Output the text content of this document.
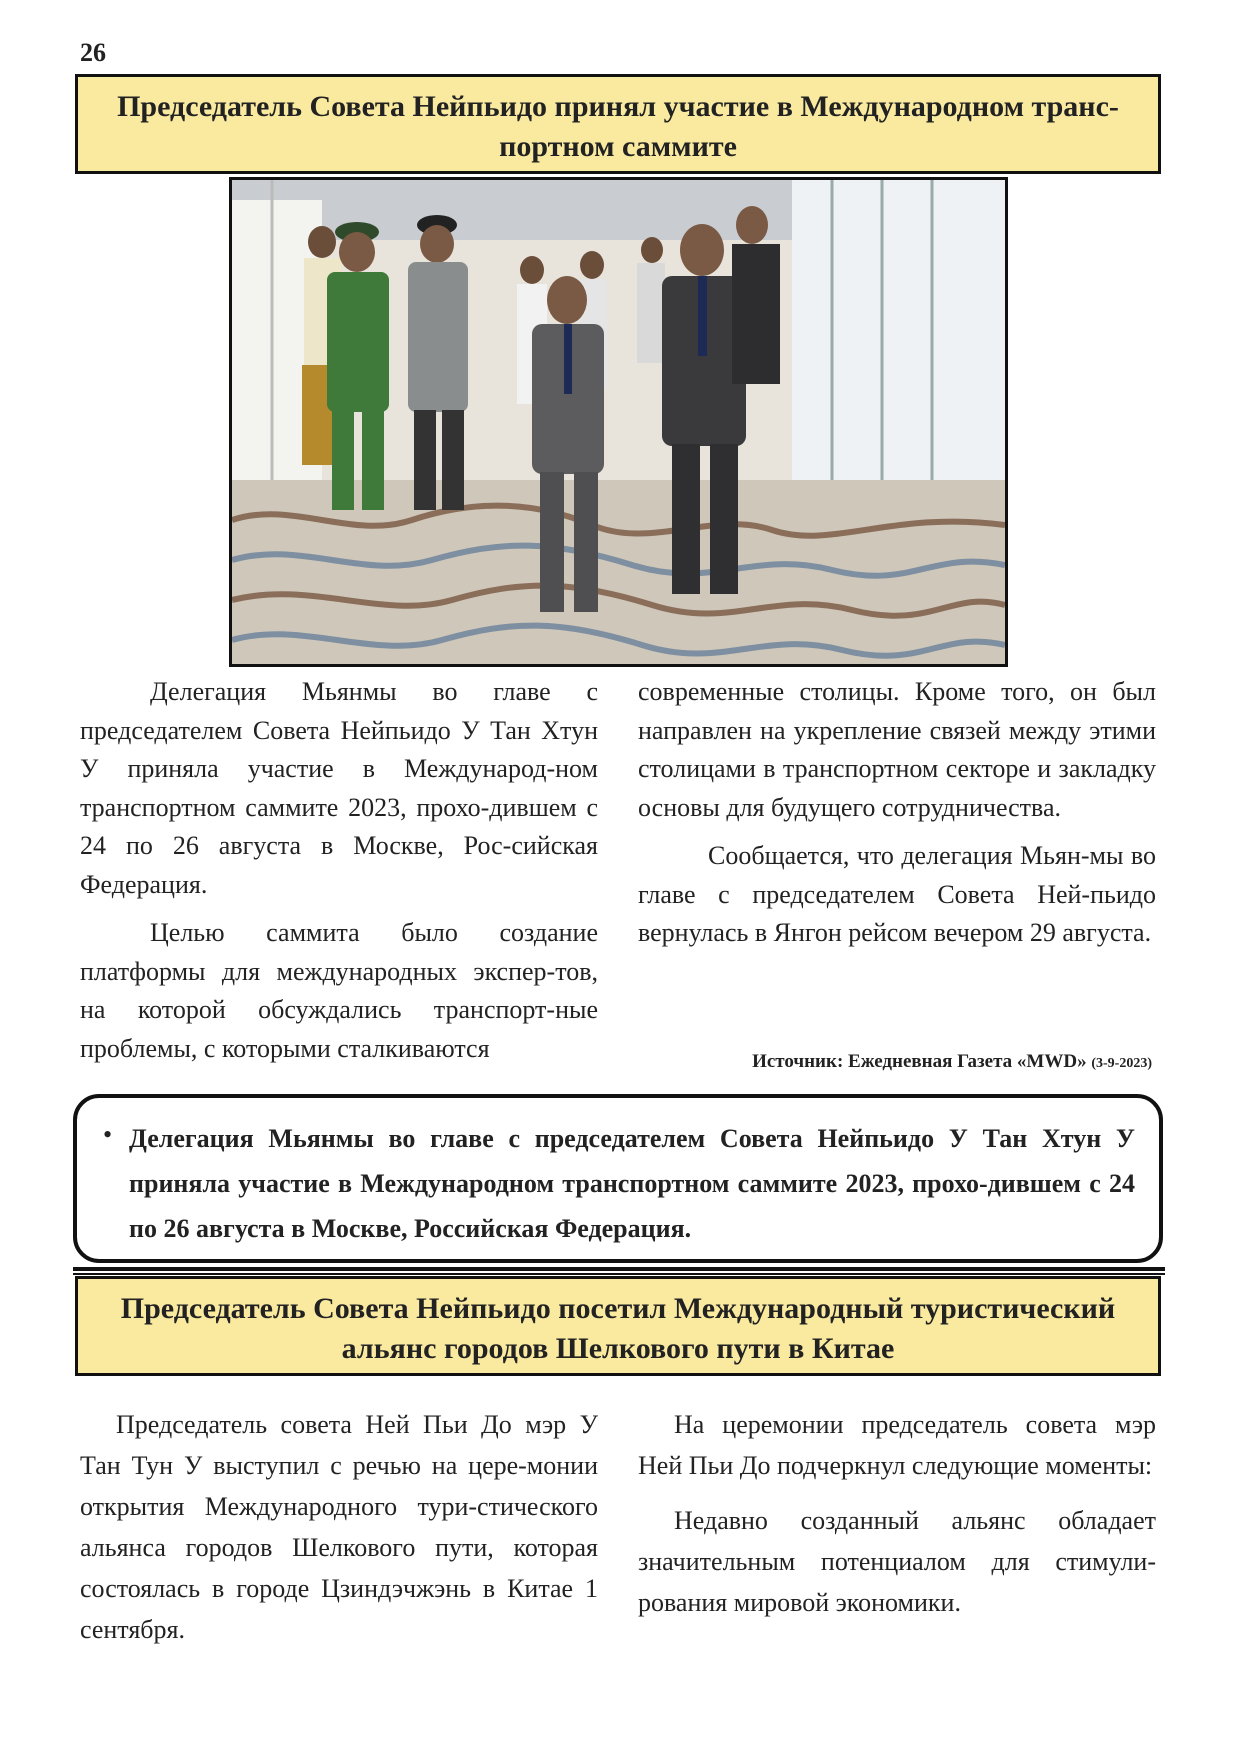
26
Председатель Совета Нейпьидо принял участие в Международном транс-портном саммите

Делегация Мьянмы во главе с председателем Совета Нейпьидо У Тан Хтун У приняла участие в Международ-ном транспортном саммите 2023, прохо-дившем с 24 по 26 августа в Москве, Рос-сийская Федерация.

Целью саммита было создание платформы для международных экспер-тов, на которой обсуждались транспорт-ные проблемы, с которыми сталкиваются

современные столицы. Кроме того, он был направлен на укрепление связей между этими столицами в транспортном секторе и закладку основы для будущего сотрудничества.

Сообщается, что делегация Мьян-мы во главе с председателем Совета Ней-пьидо вернулась в Янгон рейсом вечером 29 августа.

Источник: Ежедневная Газета «MWD» (3-9-2023)
• Делегация Мьянмы во главе с председателем Совета Нейпьидо У Тан Хтун У приняла участие в Международном транспортном саммите 2023, прохо-дившем с 24 по 26 августа в Москве, Российская Федерация.
Председатель Совета Нейпьидо посетил Международный туристический альянс городов Шелкового пути в Китае

Председатель совета Ней Пьи До мэр У Тан Тун У выступил с речью на цере-монии открытия Международного тури-стического альянса городов Шелкового пути, которая состоялась в городе Цзиндэчжэнь в Китае 1 сентября.

На церемонии председатель совета мэр Ней Пьи До подчеркнул следующие моменты:

Недавно созданный альянс обладает значительным потенциалом для стимули-рования мировой экономики.
